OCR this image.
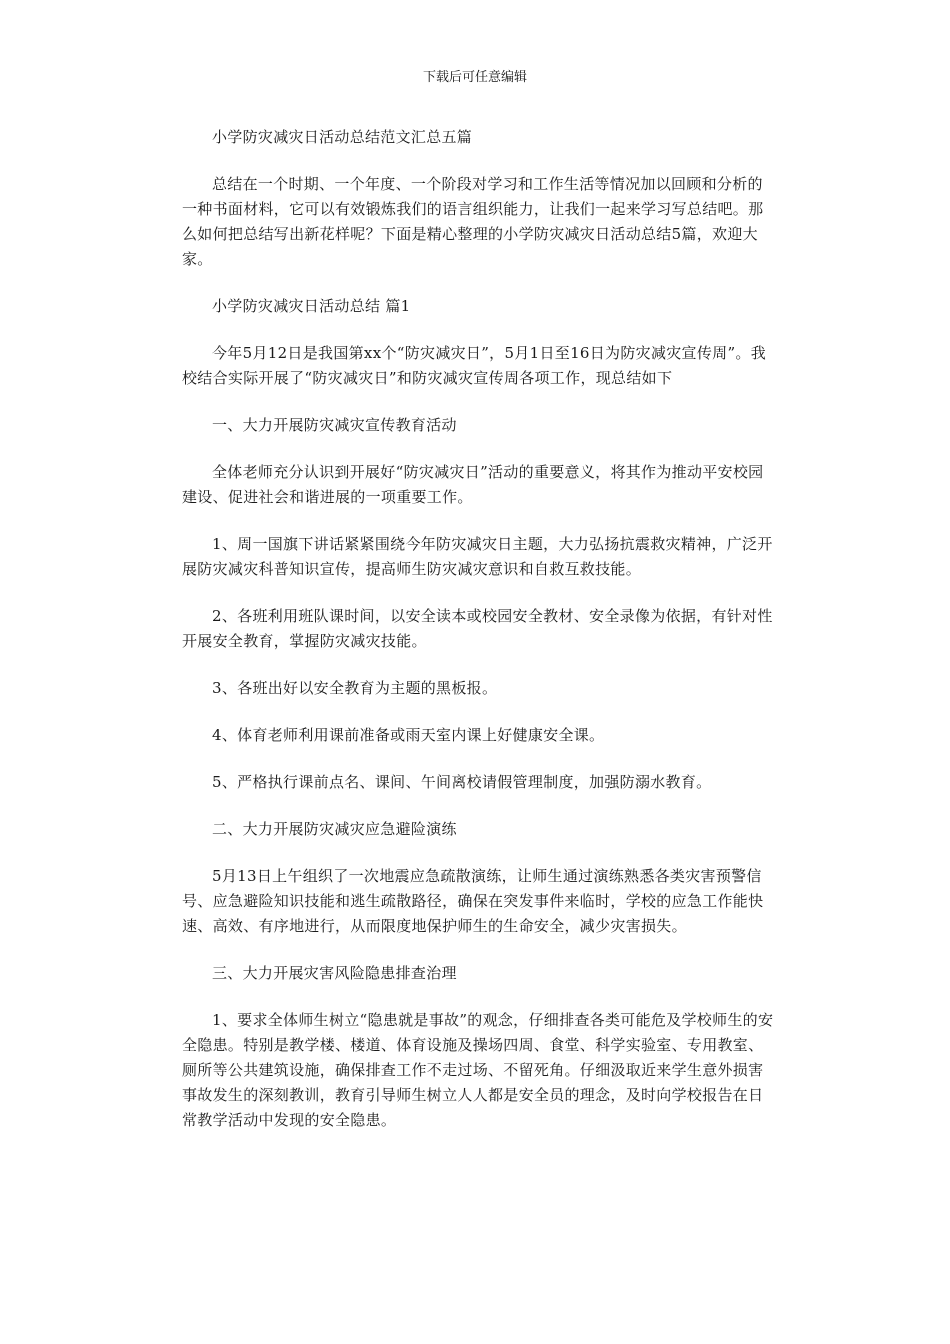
下载后可任意编辑

小学防灾减灾日活动总结范文汇总五篇

总结在一个时期、一个年度、一个阶段对学习和工作生活等情况加以回顾和分析的一种书面材料，它可以有效锻炼我们的语言组织能力，让我们一起来学习写总结吧。那么如何把总结写出新花样呢？下面是精心整理的小学防灾减灾日活动总结5篇，欢迎大家。

小学防灾减灾日活动总结 篇1

今年5月12日是我国第xx个“防灾减灾日”，5月1日至16日为防灾减灾宣传周”。我校结合实际开展了“防灾减灾日”和防灾减灾宣传周各项工作，现总结如下

一、大力开展防灾减灾宣传教育活动

全体老师充分认识到开展好“防灾减灾日”活动的重要意义，将其作为推动平安校园建设、促进社会和谐进展的一项重要工作。

1、周一国旗下讲话紧紧围绕今年防灾减灾日主题，大力弘扬抗震救灾精神，广泛开展防灾减灾科普知识宣传，提高师生防灾减灾意识和自救互救技能。

2、各班利用班队课时间，以安全读本或校园安全教材、安全录像为依据，有针对性开展安全教育，掌握防灾减灾技能。

3、各班出好以安全教育为主题的黑板报。

4、体育老师利用课前准备或雨天室内课上好健康安全课。

5、严格执行课前点名、课间、午间离校请假管理制度，加强防溺水教育。

二、大力开展防灾减灾应急避险演练

5月13日上午组织了一次地震应急疏散演练，让师生通过演练熟悉各类灾害预警信号、应急避险知识技能和逃生疏散路径，确保在突发事件来临时，学校的应急工作能快速、高效、有序地进行，从而限度地保护师生的生命安全，减少灾害损失。

三、大力开展灾害风险隐患排查治理

1、要求全体师生树立“隐患就是事故”的观念，仔细排查各类可能危及学校师生的安全隐患。特别是教学楼、楼道、体育设施及操场四周、食堂、科学实验室、专用教室、厕所等公共建筑设施，确保排查工作不走过场、不留死角。仔细汲取近来学生意外损害事故发生的深刻教训，教育引导师生树立人人都是安全员的理念，及时向学校报告在日常教学活动中发现的安全隐患。
